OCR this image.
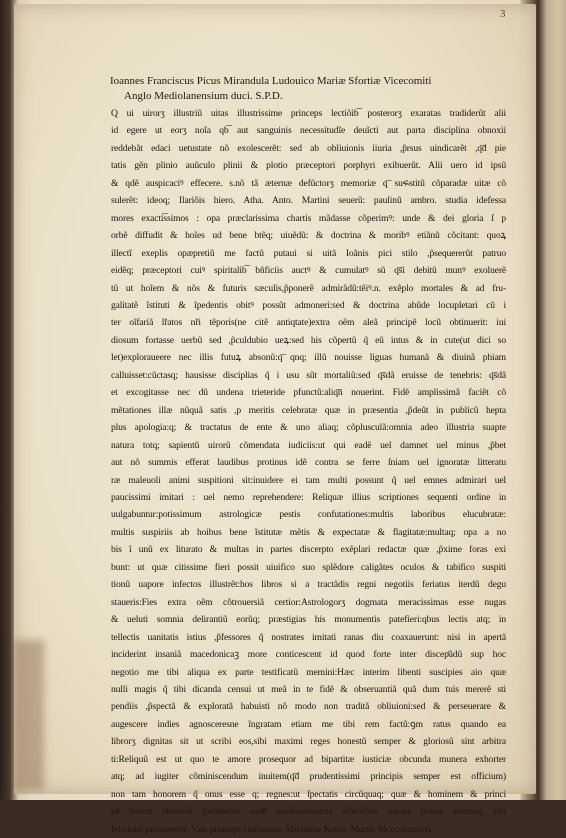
3
Ioannes Franciscus Picus Mirandula Ludouico Mariæ Sfortiæ Vicecomiti
Anglo Mediolanensium duci. S.P.D.
Q ui uirorʒ illustriũ uitas illustrissime princeps lectiõib͞ posterorʒ exaratas tradiderũt alii
id egere ut eorʒ noĩa qb͞ aut sanguinis necessitudĩe deuĩcti aut parta disciplina obnoxii
reddebãt edaci uetustate nõ exolescerẽt: sed ab obliuionis iiuria ,p̃rsus uindicarẽt ,q͞d pie
tatis gẽn plinio auũculo plinii & plotio præceptori porphyri exibuerũt. Alii uero id ipsũ
& qdẽ auspicaciꝰ effecere. s.nõ tã æternæ defũctorʒ memoriæ q͞ suፍstitũ cõparadæ uitæ cõ
sulerẽt: ideoq; Ilariõis hiero. Atha. Anto. Martini seuerũ: paulinũ ambro. studia idefessa
mores exacti͞ssimos : opa præclarissima chartis mãdasse cõperimꝰ: unde & dei gloria ſ p
orbẽ diffudit & hoĩes ud bene btẽq; uiuẽdũ: & doctrina & moribꝰ etiãnũ cõcitant: quoꝝ
illectĩ exeplis opæpretiũ me factũ putaui si uitã Ioãnis pici stilo ,p̃sequererũt patruo
eidẽq; præceptori cuiꝰ spiritalib͞ bñficiis auctꝰ & cumulatꝰ sũ q͞si debitũ munꝰ exoluerẽ
tũ ut hoĩem & nõs & futuris sæculis,p̃ponerẽ admirãdũ:tẽiꝰ.n. exẽplo mortales & ad fru-
galitatẽ ĩstituti & ĩpedentis obitꝰ possũt admoneri:sed & doctrina abũde locupletari cũ i
ter oĩfariã lřatos nři tẽporis(ne citẽ antiqtate)extra oẽm aleã principẽ locũ obtinuerit: iui
diosum fortasse uerbũ sed ,p̃culdubio ueꝝ:sed his cõpertũ q̃ eũ intus & in cute(ut dici so
let)exploraueere nec illis futuꝝ absonũ:q͞ qnq; illũ nouisse liguas humanã & diuinã phiam
calluisset:cũctasq; hausisse disciplias q̃ i usu sũt mortaliũ:sed q͞sdã eruisse de tenebris: q͞sdã
et excogitasse nec dũ undena trieteride pfunctũ:aliq͞n nouerint. Fidẽ amplissimã faciẽt cõ
mẽtationes illæ nũquã satis ,p meritis celebratæ quæ in præsentia ,p̃deũt in publicũ hepta
plus apologia:q; & tractatus de ente & uno aliaq; cõplusculã:omnia adeo illustria suapte
natura totq; sapientũ uirorũ cõmendata iudiciis:ut qui eadẽ uel damnet uel minus ,p̃bet
aut nõ summis efferat laudibus protinus idẽ contra se ferre ſniam uel ignoratæ litteratu
ræ maleuoli animi suspitioni sit:inuidere ei tam multi possunt q̃ uel emnes admirari uel
paucissimi imitari : uel nemo reprehendere: Reliquæ illius scriptiones sequenti ordine in
uulgabuntur:potissimum astrologicæ pestis confutationes:multis laboribus elucubratæ:
multis suspiriis ab hoibus bene ĩstitutæ mẽtis & expectatæ & flagitatæ:multaq; opa a no
bis ĩ unũ ex liturato & multas in partes discerpto exẽplari redactæ quæ ,p̃xime foras exi
bunt: ut quæ citissime fieri possit uiuifico suo splẽdore caligãtes oculos & tabifico suspiti
tionũ uapore infectos illustrẽt:hos libros si a tractãdis regni negotiis feriatus iterdũ degu
staueris:Fies extra oẽm cõtrouersiã certior:Astrologorʒ dogmata meracissimas esse nugas
& ueluti somnia delirantiũ eorũq; præstigias his monumentis patefieri:qbus lectis atq; in
tellectis uanitatis istius ,p̃fessores q̃ nostrates imitati ranas diu coaxauerunt: nisi in apertã
inciderint insaniã macedonicaꝫ more conticescent id quod forte inter discepͭãdũ sup hoc
negotio me tibi aliqua ex parte testificatũ memini:Hæc interim libenti suscipies aio quæ
nulli magis q̃ tibi dicanda censui ut meã in te fidẽ & obseruantiã quã dum tuis mererẽ sti
pendiis ,p̃spectã & exploratã habuisti nõ modo non traditã obliuioni:sed & perseuerare &
augescere indies agnosceresne ĩngratam etiam me tibi rem factũ:ꝯm ratus quando ea
librorʒ dignitas sit ut scribi eos,sibi maximi reges honestũ semper & gloriosũ sint arbitra
ti:Reliquũ est ut quo te amore prosequor ad bipartitæ iusticiæ obcunda munera exhorter
atq; ad iugiter cõminiscendum inuitem(q͞d prudentissimi principis semper est officium)
non tam honorem q̃ onus esse q; regnes:ut ſpectatis circũquaq; quæ & hominem & princi
pẽ hoiem obsideãt ĩpedimẽtis eadẽ moderatissimis affectibus supare possis æternaq; tibi
felicitatẽ promererer: Vale princeps clarissime: Mirãdulæ Kalen. Martii. Mcccclxxxxvi.
